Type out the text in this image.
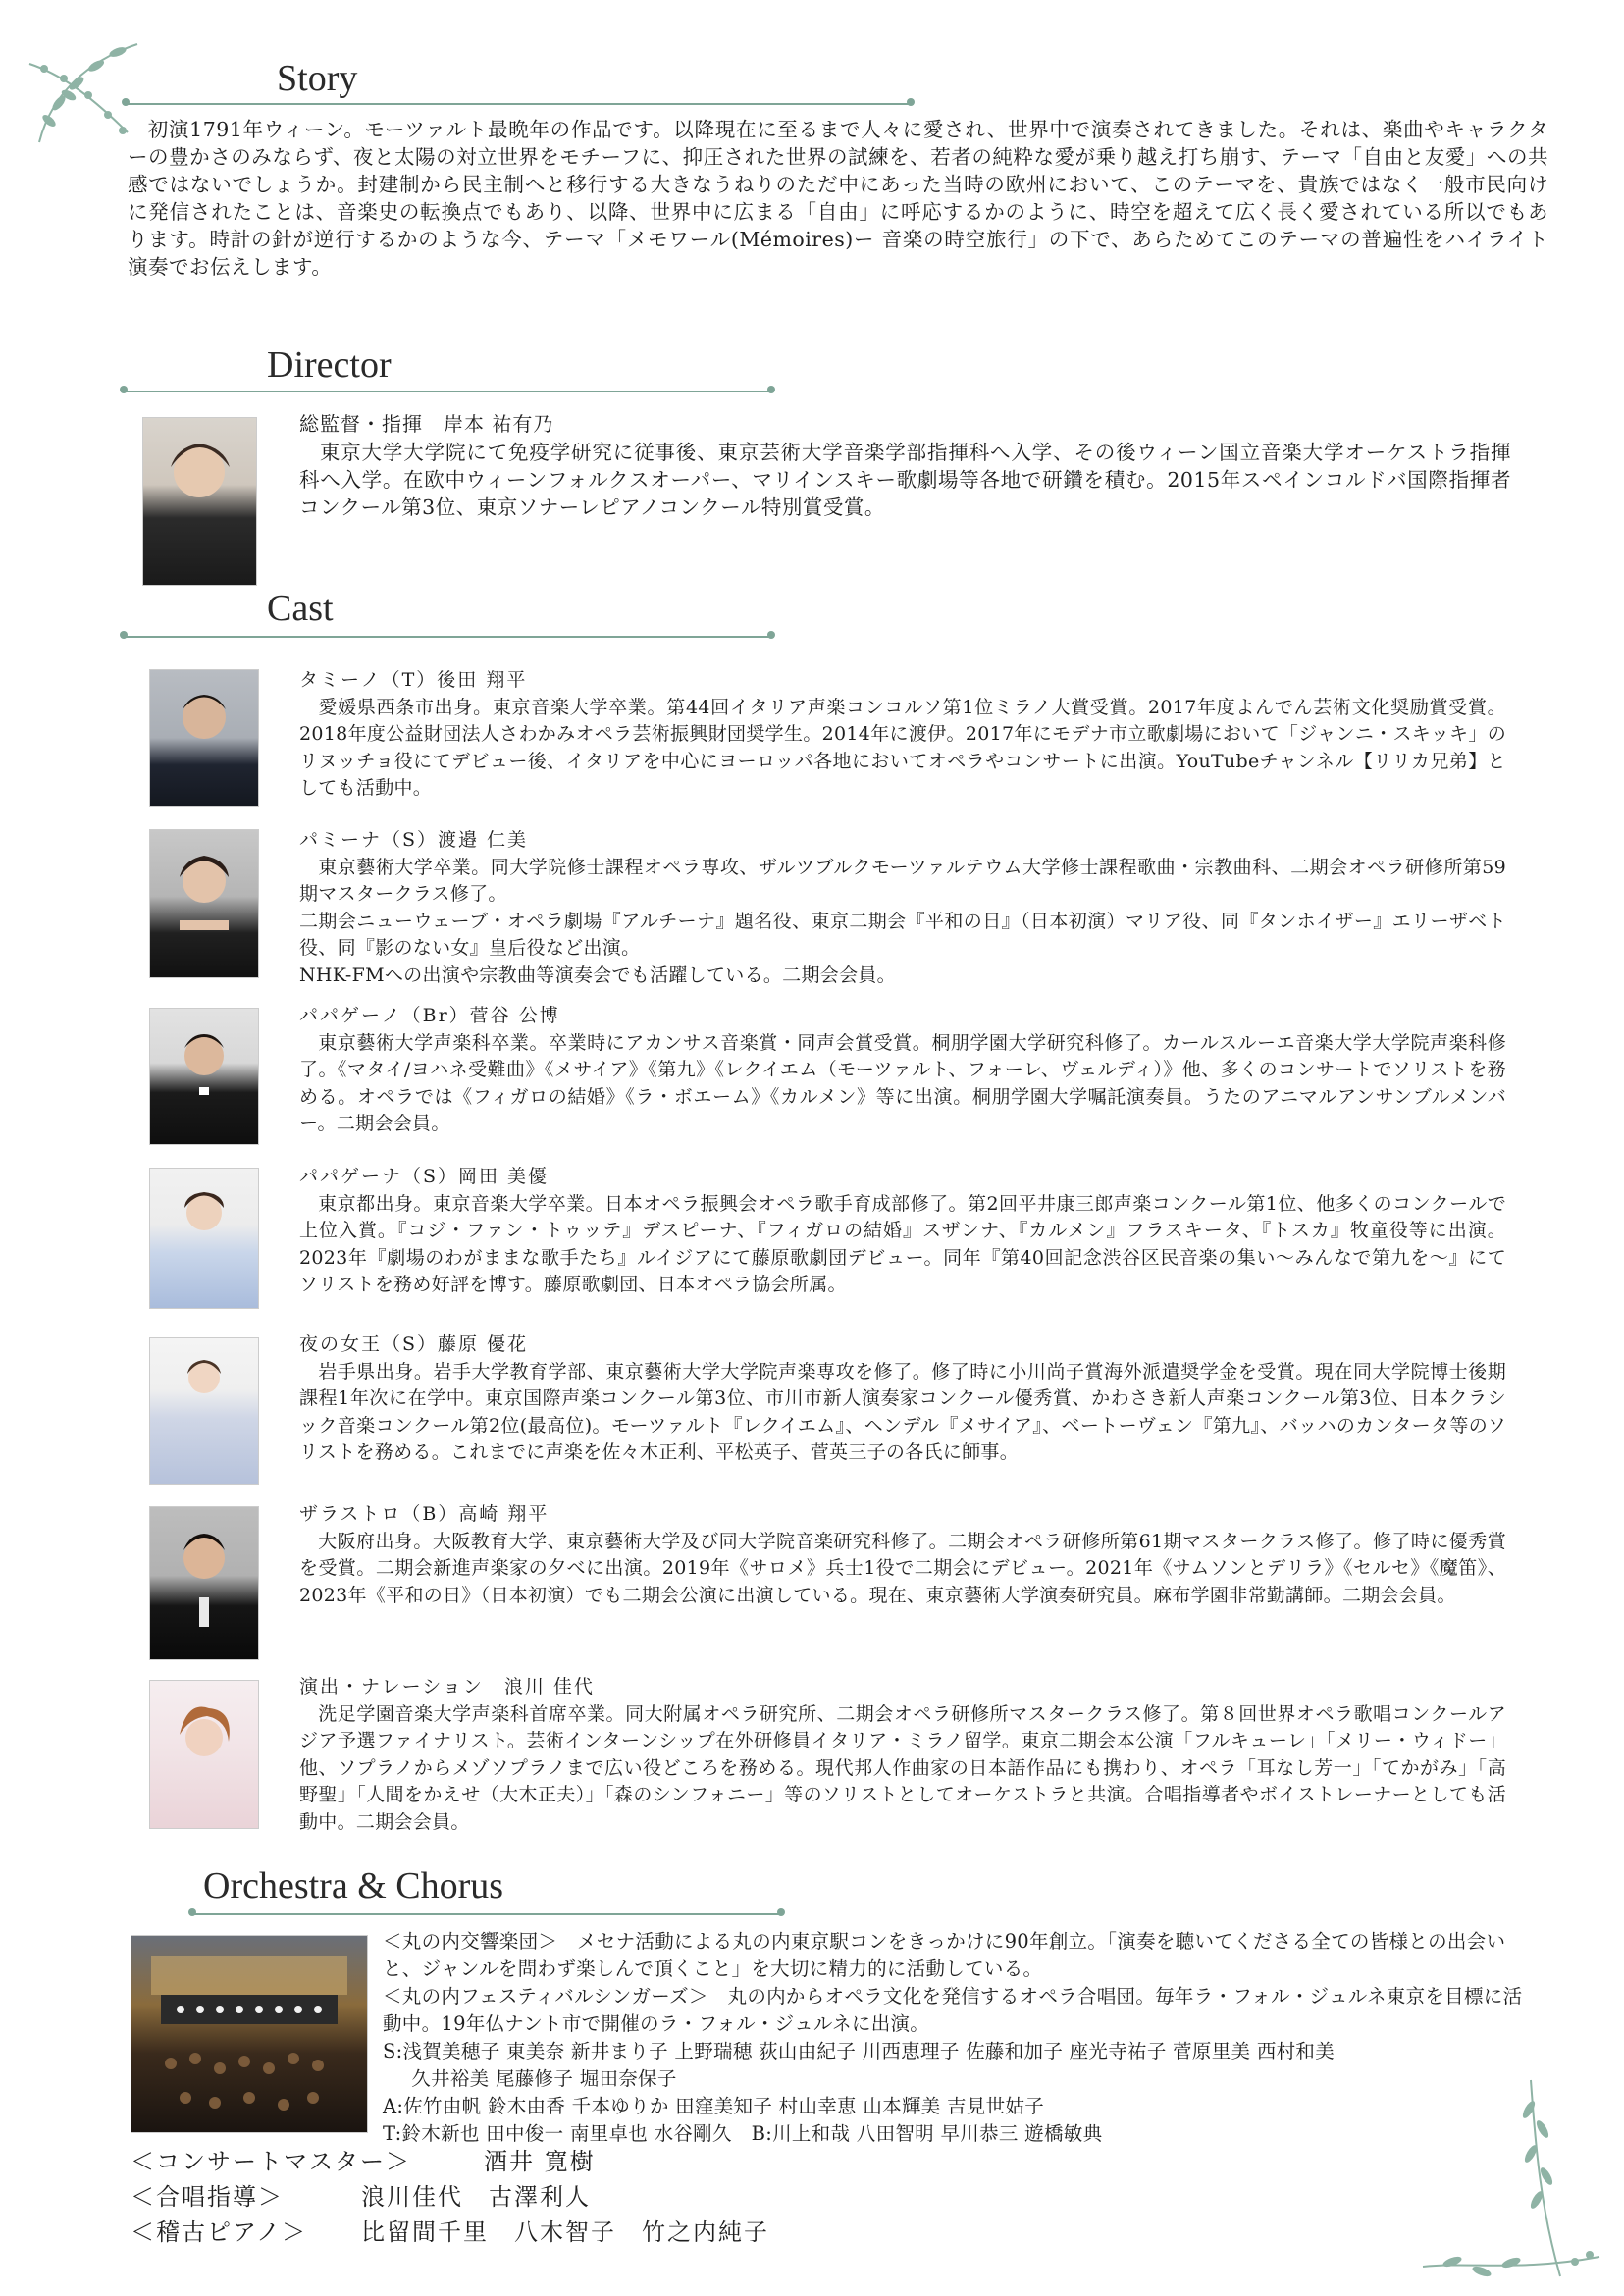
Story

初演1791年ウィーン。モーツァルト最晩年の作品です。以降現在に至るまで人々に愛され、世界中で演奏されてきました。それは、楽曲やキャラクターの豊かさのみならず、夜と太陽の対立世界をモチーフに、抑圧された世界の試練を、若者の純粋な愛が乗り越え打ち崩す、テーマ「自由と友愛」への共感ではないでしょうか。封建制から民主制へと移行する大きなうねりのただ中にあった当時の欧州において、このテーマを、貴族ではなく一般市民向けに発信されたことは、音楽史の転換点でもあり、以降、世界中に広まる「自由」に呼応するかのように、時空を超えて広く長く愛されている所以でもあります。時計の針が逆行するかのような今、テーマ「メモワール(Mémoires)ー 音楽の時空旅行」の下で、あらためてこのテーマの普遍性をハイライト演奏でお伝えします。

Director
総監督・指揮　岸本 祐有乃

東京大学大学院にて免疫学研究に従事後、東京芸術大学音楽学部指揮科へ入学、その後ウィーン国立音楽大学オーケストラ指揮科へ入学。在欧中ウィーンフォルクスオーパー、マリインスキー歌劇場等各地で研鑽を積む。2015年スペインコルドバ国際指揮者コンクール第3位、東京ソナーレピアノコンクール特別賞受賞。

Cast
タミーノ（T）後田 翔平
愛媛県西条市出身。東京音楽大学卒業。第44回イタリア声楽コンコルソ第1位ミラノ大賞受賞。2017年度よんでん芸術文化奨励賞受賞。2018年度公益財団法人さわかみオペラ芸術振興財団奨学生。2014年に渡伊。2017年にモデナ市立歌劇場において「ジャンニ・スキッキ」のリヌッチョ役にてデビュー後、イタリアを中心にヨーロッパ各地においてオペラやコンサートに出演。YouTubeチャンネル【リリカ兄弟】としても活動中。
パミーナ（S）渡邉 仁美
東京藝術大学卒業。同大学院修士課程オペラ専攻、ザルツブルクモーツァルテウム大学修士課程歌曲・宗教曲科、二期会オペラ研修所第59期マスタークラス修了。
二期会ニューウェーブ・オペラ劇場『アルチーナ』題名役、東京二期会『平和の日』（日本初演）マリア役、同『タンホイザー』エリーザベト役、同『影のない女』皇后役など出演。
NHK-FMへの出演や宗教曲等演奏会でも活躍している。二期会会員。
パパゲーノ（Br）菅谷 公博
東京藝術大学声楽科卒業。卒業時にアカンサス音楽賞・同声会賞受賞。桐朋学園大学研究科修了。カールスルーエ音楽大学大学院声楽科修了。《マタイ/ヨハネ受難曲》《メサイア》《第九》《レクイエム（モーツァルト、フォーレ、ヴェルディ）》他、多くのコンサートでソリストを務める。オペラでは《フィガロの結婚》《ラ・ボエーム》《カルメン》等に出演。桐朋学園大学嘱託演奏員。うたのアニマルアンサンブルメンバー。二期会会員。
パパゲーナ（S）岡田 美優
東京都出身。東京音楽大学卒業。日本オペラ振興会オペラ歌手育成部修了。第2回平井康三郎声楽コンクール第1位、他多くのコンクールで上位入賞。『コジ・ファン・トゥッテ』デスピーナ、『フィガロの結婚』スザンナ、『カルメン』フラスキータ、『トスカ』牧童役等に出演。2023年『劇場のわがままな歌手たち』ルイジアにて藤原歌劇団デビュー。同年『第40回記念渋谷区民音楽の集い～みんなで第九を～』にてソリストを務め好評を博す。藤原歌劇団、日本オペラ協会所属。
夜の女王（S）藤原 優花
岩手県出身。岩手大学教育学部、東京藝術大学大学院声楽専攻を修了。修了時に小川尚子賞海外派遣奨学金を受賞。現在同大学院博士後期課程1年次に在学中。東京国際声楽コンクール第3位、市川市新人演奏家コンクール優秀賞、かわさき新人声楽コンクール第3位、日本クラシック音楽コンクール第2位(最高位)。モーツァルト『レクイエム』、ヘンデル『メサイア』、ベートーヴェン『第九』、バッハのカンタータ等のソリストを務める。これまでに声楽を佐々木正利、平松英子、菅英三子の各氏に師事。
ザラストロ（B）高崎 翔平
大阪府出身。大阪教育大学、東京藝術大学及び同大学院音楽研究科修了。二期会オペラ研修所第61期マスタークラス修了。修了時に優秀賞を受賞。二期会新進声楽家の夕べに出演。2019年《サロメ》兵士1役で二期会にデビュー。2021年《サムソンとデリラ》《セルセ》《魔笛》、2023年《平和の日》（日本初演）でも二期会公演に出演している。現在、東京藝術大学演奏研究員。麻布学園非常勤講師。二期会会員。
演出・ナレーション　浪川 佳代
洗足学園音楽大学声楽科首席卒業。同大附属オペラ研究所、二期会オペラ研修所マスタークラス修了。第８回世界オペラ歌唱コンクールアジア予選ファイナリスト。芸術インターンシップ在外研修員イタリア・ミラノ留学。東京二期会本公演「フルキューレ」「メリー・ウィドー」他、ソプラノからメゾソプラノまで広い役どころを務める。現代邦人作曲家の日本語作品にも携わり、オペラ「耳なし芳一」「てかがみ」「高野聖」「人間をかえせ（大木正夫）」「森のシンフォニー」等のソリストとしてオーケストラと共演。合唱指導者やボイストレーナーとしても活動中。二期会会員。
Orchestra & Chorus
＜丸の内交響楽団＞　メセナ活動による丸の内東京駅コンをきっかけに90年創立。「演奏を聴いてくださる全ての皆様との出会いと、ジャンルを問わず楽しんで頂くこと」を大切に精力的に活動している。
＜丸の内フェスティバルシンガーズ＞　丸の内からオペラ文化を発信するオペラ合唱団。毎年ラ・フォル・ジュルネ東京を目標に活動中。19年仏ナント市で開催のラ・フォル・ジュルネに出演。
S:浅賀美穂子 東美奈 新井まり子 上野瑞穂 荻山由紀子 川西恵理子 佐藤和加子 座光寺祐子 菅原里美 西村和美
久井裕美 尾藤修子 堀田奈保子
A:佐竹由帆 鈴木由香 千本ゆりか 田窪美知子 村山幸恵 山本輝美 吉見世姑子
T:鈴木新也 田中俊一 南里卓也 水谷剛久　B:川上和哉 八田智明 早川恭三 遊橋敏典
＜コンサートマスター＞	酒井 寛樹
＜合唱指導＞	浪川佳代　古澤利人
＜稽古ピアノ＞	比留間千里　八木智子　竹之内純子
